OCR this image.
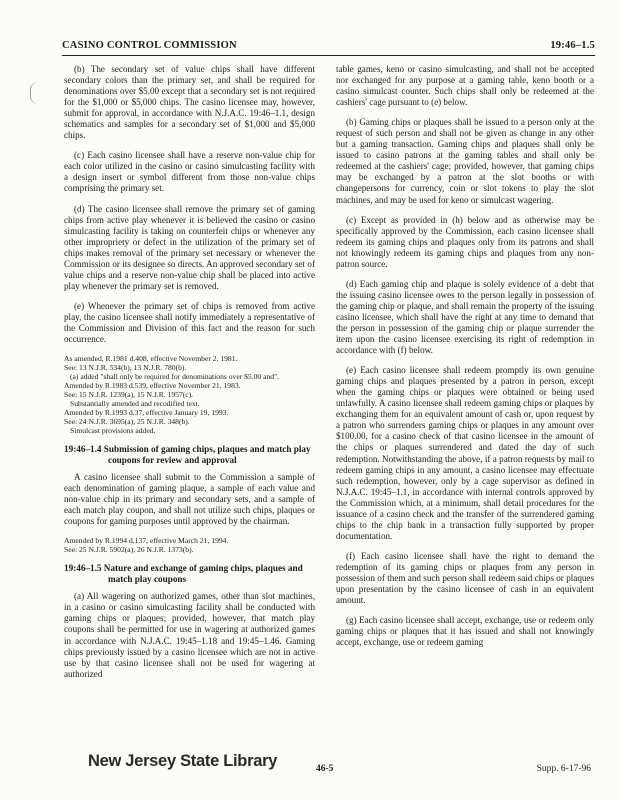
CASINO CONTROL COMMISSION	19:46–1.5

(b) The secondary set of value chips shall have different secondary colors than the primary set, and shall be required for denominations over $5.00 except that a secondary set is not required for the $1,000 or $5,000 chips. The casino licensee may, however, submit for approval, in accordance with N.J.A.C. 19:46–1.1, design schematics and samples for a secondary set of $1,000 and $5,000 chips.

(c) Each casino licensee shall have a reserve non-value chip for each color utilized in the casino or casino simulcasting facility with a design insert or symbol different from those non-value chips comprising the primary set.

(d) The casino licensee shall remove the primary set of gaming chips from active play whenever it is believed the casino or casino simulcasting facility is taking on counterfeit chips or whenever any other impropriety or defect in the utilization of the primary set of chips makes removal of the primary set necessary or whenever the Commission or its designee so directs. An approved secondary set of value chips and a reserve non-value chip shall be placed into active play whenever the primary set is removed.

(e) Whenever the primary set of chips is removed from active play, the casino licensee shall notify immediately a representative of the Commission and Division of this fact and the reason for such occurrence.

As amended, R.1981 d.408, effective November 2, 1981.
See: 13 N.J.R. 534(b), 13 N.J.R. 780(b).
(a) added "shall only be required for denominations over $5.00 and".
Amended by R.1983 d.539, effective November 21, 1983.
See: 15 N.J.R. 1239(a), 15 N.J.R. 1957(c).
Substantially amended and recodified text.
Amended by R.1993 d.37, effective January 19, 1993.
See: 24 N.J.R. 3695(a), 25 N.J.R. 348(b).
Simulcast provisions added.
19:46–1.4 Submission of gaming chips, plaques and match play coupons for review and approval

A casino licensee shall submit to the Commission a sample of each denomination of gaming plaque, a sample of each value and non-value chip in its primary and secondary sets, and a sample of each match play coupon, and shall not utilize such chips, plaques or coupons for gaming purposes until approved by the chairman.

Amended by R.1994 d.137, effective March 21, 1994.
See: 25 N.J.R. 5902(a), 26 N.J.R. 1373(b).
19:46–1.5 Nature and exchange of gaming chips, plaques and match play coupons

(a) All wagering on authorized games, other than slot machines, in a casino or casino simulcasting facility shall be conducted with gaming chips or plaques; provided, however, that match play coupons shall be permitted for use in wagering at authorized games in accordance with N.J.A.C. 19:45–1.18 and 19:45–1.46. Gaming chips previously issued by a casino licensee which are not in active use by that casino licensee shall not be used for wagering at authorized

table games, keno or casino simulcasting, and shall not be accepted nor exchanged for any purpose at a gaming table, keno booth or a casino simulcast counter. Such chips shall only be redeemed at the cashiers' cage pursuant to (e) below.

(b) Gaming chips or plaques shall be issued to a person only at the request of such person and shall not be given as change in any other but a gaming transaction. Gaming chips and plaques shall only be issued to casino patrons at the gaming tables and shall only be redeemed at the cashiers' cage; provided, however, that gaming chips may be exchanged by a patron at the slot booths or with changepersons for currency, coin or slot tokens to play the slot machines, and may be used for keno or simulcast wagering.

(c) Except as provided in (h) below and as otherwise may be specifically approved by the Commission, each casino licensee shall redeem its gaming chips and plaques only from its patrons and shall not knowingly redeem its gaming chips and plaques from any non-patron source.

(d) Each gaming chip and plaque is solely evidence of a debt that the issuing casino licensee owes to the person legally in possession of the gaming chip or plaque, and shall remain the property of the issuing casino licensee, which shall have the right at any time to demand that the person in possession of the gaming chip or plaque surrender the item upon the casino licensee exercising its right of redemption in accordance with (f) below.

(e) Each casino licensee shall redeem promptly its own genuine gaming chips and plaques presented by a patron in person, except when the gaming chips or plaques were obtained or being used unlawfully. A casino licensee shall redeem gaming chips or plaques by exchanging them for an equivalent amount of cash or, upon request by a patron who surrenders gaming chips or plaques in any amount over $100.00, for a casino check of that casino licensee in the amount of the chips or plaques surrendered and dated the day of such redemption. Notwithstanding the above, if a patron requests by mail to redeem gaming chips in any amount, a casino licensee may effectuate such redemption, however, only by a cage supervisor as defined in N.J.A.C. 19:45–1.1, in accordance with internal controls approved by the Commission which, at a minimum, shall detail procedures for the issuance of a casino check and the transfer of the surrendered gaming chips to the chip bank in a transaction fully supported by proper documentation.

(f) Each casino licensee shall have the right to demand the redemption of its gaming chips or plaques from any person in possession of them and such person shall redeem said chips or plaques upon presentation by the casino licensee of cash in an equivalent amount.

(g) Each casino licensee shall accept, exchange, use or redeem only gaming chips or plaques that it has issued and shall not knowingly accept, exchange, use or redeem gaming

New Jersey State Library	46-5	Supp. 6-17-96
